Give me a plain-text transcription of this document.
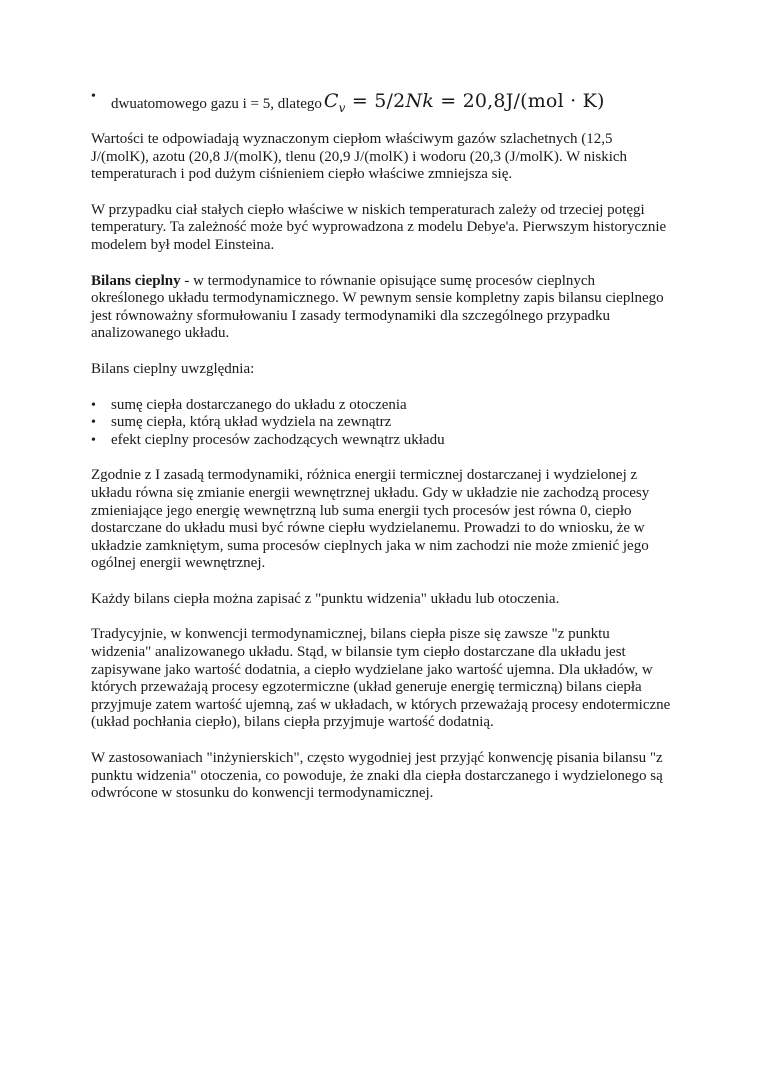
• dwuatomowego gazu i = 5, dlatego $C_v = 5/2Nk = 20,8J/(mol \cdot K)$

Wartości te odpowiadają wyznaczonym ciepłom właściwym gazów szlachetnych (12,5 J/(molK), azotu (20,8 J/(molK), tlenu (20,9 J/(molK) i wodoru (20,3 (J/molK). W niskich temperaturach i pod dużym ciśnieniem ciepło właściwe zmniejsza się.

W przypadku ciał stałych ciepło właściwe w niskich temperaturach zależy od trzeciej potęgi temperatury. Ta zależność może być wyprowadzona z modelu Debye'a. Pierwszym historycznie modelem był model Einsteina.

Bilans cieplny - w termodynamice to równanie opisujące sumę procesów cieplnych określonego układu termodynamicznego. W pewnym sensie kompletny zapis bilansu cieplnego jest równoważny sformułowaniu I zasady termodynamiki dla szczególnego przypadku analizowanego układu.

Bilans cieplny uwzględnia:

• sumę ciepła dostarczanego do układu z otoczenia
• sumę ciepła, którą układ wydziela na zewnątrz
• efekt cieplny procesów zachodzących wewnątrz układu

Zgodnie z I zasadą termodynamiki, różnica energii termicznej dostarczanej i wydzielonej z układu równa się zmianie energii wewnętrznej układu. Gdy w układzie nie zachodzą procesy zmieniające jego energię wewnętrzną lub suma energii tych procesów jest równa 0, ciepło dostarczane do układu musi być równe ciepłu wydzielanemu. Prowadzi to do wniosku, że w układzie zamkniętym, suma procesów cieplnych jaka w nim zachodzi nie może zmienić jego ogólnej energii wewnętrznej.

Każdy bilans ciepła można zapisać z "punktu widzenia" układu lub otoczenia.

Tradycyjnie, w konwencji termodynamicznej, bilans ciepła pisze się zawsze "z punktu widzenia" analizowanego układu. Stąd, w bilansie tym ciepło dostarczane dla układu jest zapisywane jako wartość dodatnia, a ciepło wydzielane jako wartość ujemna. Dla układów, w których przeważają procesy egzotermiczne (układ generuje energię termiczną) bilans ciepła przyjmuje zatem wartość ujemną, zaś w układach, w których przeważają procesy endotermiczne (układ pochłania ciepło), bilans ciepła przyjmuje wartość dodatnią.

W zastosowaniach "inżynierskich", często wygodniej jest przyjąć konwencję pisania bilansu "z punktu widzenia" otoczenia, co powoduje, że znaki dla ciepła dostarczanego i wydzielonego są odwrócone w stosunku do konwencji termodynamicznej.
